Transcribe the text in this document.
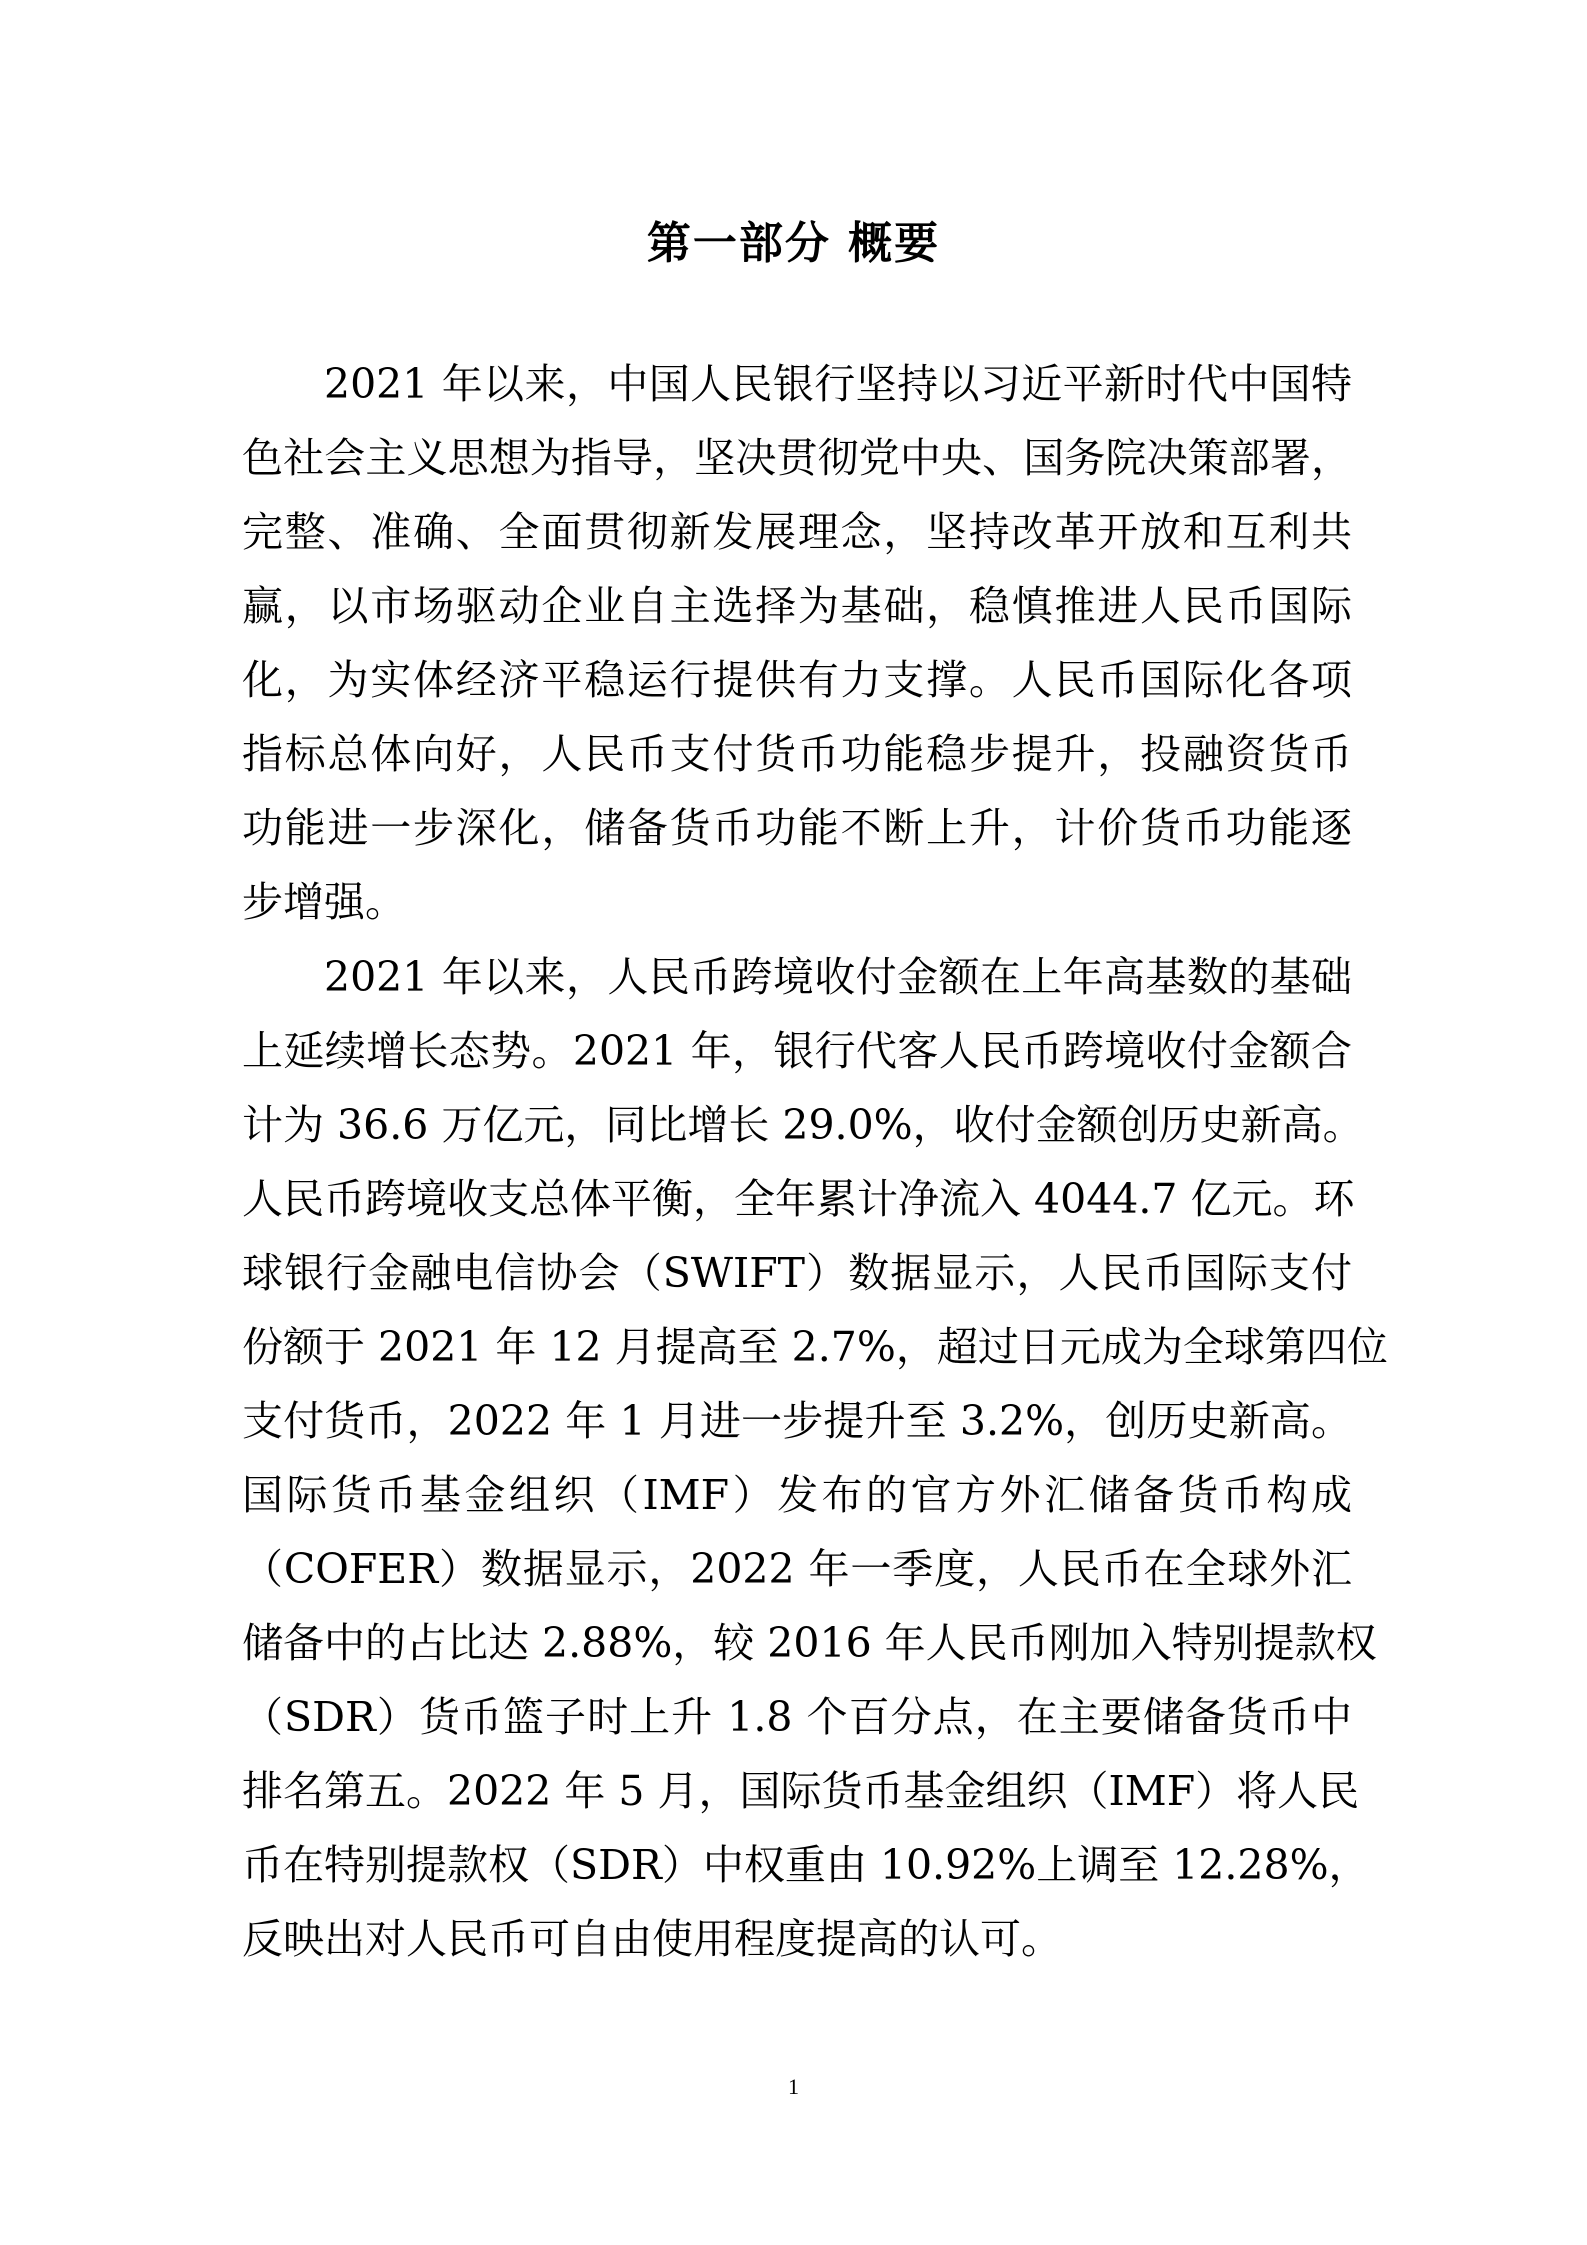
第一部分 概要
2021 年以来，中国人民银行坚持以习近平新时代中国特
色社会主义思想为指导，坚决贯彻党中央、国务院决策部署，
完整、准确、全面贯彻新发展理念，坚持改革开放和互利共
赢，以市场驱动企业自主选择为基础，稳慎推进人民币国际
化，为实体经济平稳运行提供有力支撑。人民币国际化各项
指标总体向好，人民币支付货币功能稳步提升，投融资货币
功能进一步深化，储备货币功能不断上升，计价货币功能逐
步增强。
2021 年以来，人民币跨境收付金额在上年高基数的基础
上延续增长态势。2021 年，银行代客人民币跨境收付金额合
计为 36.6 万亿元，同比增长 29.0%，收付金额创历史新高。
人民币跨境收支总体平衡，全年累计净流入 4044.7 亿元。环
球银行金融电信协会（SWIFT）数据显示，人民币国际支付
份额于 2021 年 12 月提高至 2.7%，超过日元成为全球第四位
支付货币，2022 年 1 月进一步提升至 3.2%，创历史新高。
国际货币基金组织（IMF）发布的官方外汇储备货币构成
（COFER）数据显示，2022 年一季度，人民币在全球外汇
储备中的占比达 2.88%，较 2016 年人民币刚加入特别提款权
（SDR）货币篮子时上升 1.8 个百分点，在主要储备货币中
排名第五。2022 年 5 月，国际货币基金组织（IMF）将人民
币在特别提款权（SDR）中权重由 10.92%上调至 12.28%，
反映出对人民币可自由使用程度提高的认可。
1
